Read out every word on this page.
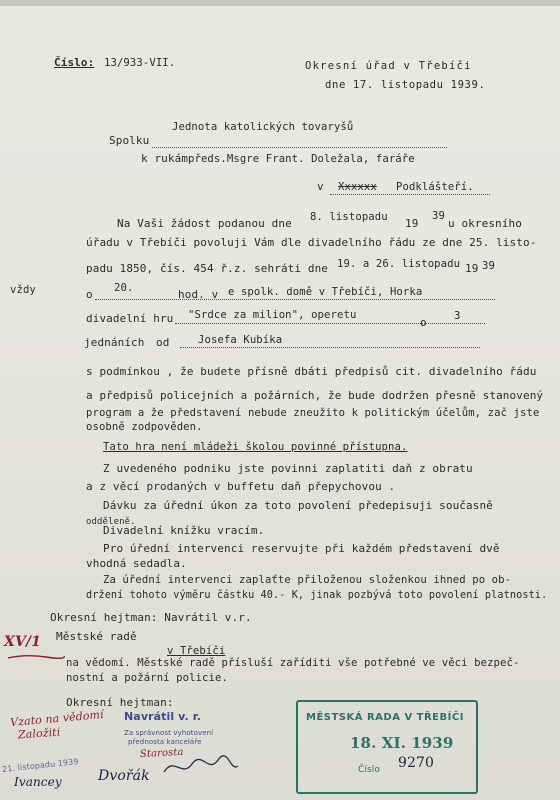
Číslo: 13/933-VII.	Okresní úřad v Třebíči
dne 17. listopadu 1939.
Spolku
Jednota katolických tovaryšů
k rukám předs.Msgre Frant. Doležala, faráře
v Xxxxxx Podklášteří.
Na Vaši žádost podanou dne 8. listopadu 19
39
u okresního
úřadu v Třebíči povoluji Vám dle divadelního řádu ze dne 25. listo-
padu 1850, čís. 454 ř.z. sehráti dne 19. a 26. listopadu 19 39
vždy	o 20.	hod. v e spolk. domě v Třebíči, Horka
divadelní hru "Srdce za milion", operetu
o	3
jednáních od	Josefa Kubíka
s podmínkou , že budete přísně dbáti předpisů cit. divadelního řádu
a předpisů policejních a požárních, že bude dodržen přesně stanovený
program a že představení nebude zneužito k politickým účelům, zač jste
osobně zodpověden.
Tato hra není mládeži školou povinné přístupna.
Z uvedeného podniku jste povinni zaplatiti daň z obratu
a z věcí prodaných v buffetu daň přepychovou .
Dávku za úřední úkon za toto povolení předepisuji současně
odděleně.
Divadelní knížku vracím.
Pro úřední intervenci reservujte při každém představení dvě
vhodná sedadla.
Za úřední intervenci zaplaťte přiloženou složenkou ihned po ob-
držení tohoto výměru částku 40.- K, jinak pozbývá toto povolení platnosti.
Okresní hejtman: Navrátil v.r.
Městské radě
v Třebíči
na vědomí. Městské radě přísluší zaříditi vše potřebné ve věci bezpeč-
nostní a požární policie.
Okresní hejtman:
XV/1
Vzato na vědomí
Založiti
Starosta
Navrátil v. r.
Za správnost vyhotovení
přednosta kanceláře
21. listopadu 1939
Ivancey	Dvořák
MĚSTSKÁ RADA V TŘEBÍČI
18. XI. 1939
Číslo 9270
